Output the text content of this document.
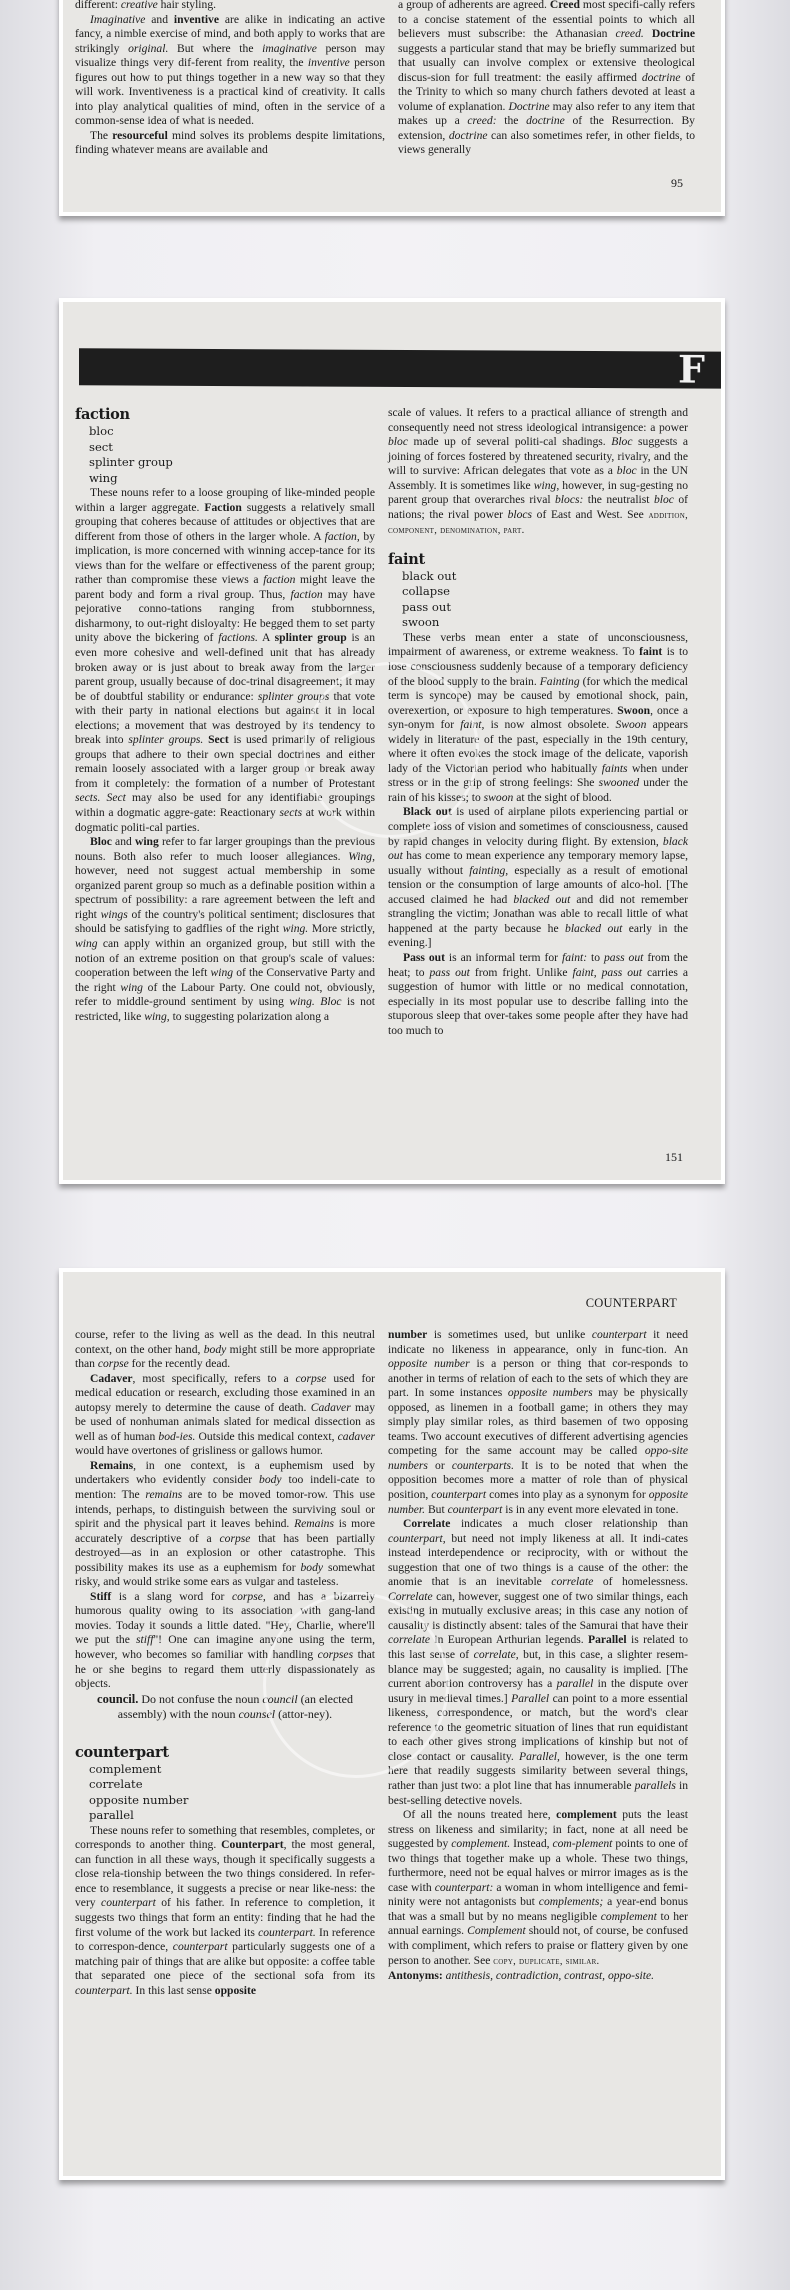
different: creative hair styling.

Imaginative and inventive are alike in indicating an active fancy, a nimble exercise of mind, and both apply to works that are strikingly original. But where the imaginative person may visualize things very dif-ferent from reality, the inventive person figures out how to put things together in a new way so that they will work. Inventiveness is a practical kind of creativity. It calls into play analytical qualities of mind, often in the service of a common-sense idea of what is needed.

The resourceful mind solves its problems despite limitations, finding whatever means are available and

a group of adherents are agreed. Creed most specifi-cally refers to a concise statement of the essential points to which all believers must subscribe: the Athanasian creed. Doctrine suggests a particular stand that may be briefly summarized but that usually can involve complex or extensive theological discus-sion for full treatment: the easily affirmed doctrine of the Trinity to which so many church fathers devoted at least a volume of explanation. Doctrine may also refer to any item that makes up a creed: the doctrine of the Resurrection. By extension, doctrine can also sometimes refer, in other fields, to views generally

95
F
faction
bloc
sect
splinter group
wing

These nouns refer to a loose grouping of like-minded people within a larger aggregate. Faction suggests a relatively small grouping that coheres because of attitudes or objectives that are different from those of others in the larger whole. A faction, by implication, is more concerned with winning accep-tance for its views than for the welfare or effectiveness of the parent group; rather than compromise these views a faction might leave the parent body and form a rival group. Thus, faction may have pejorative conno-tations ranging from stubbornness, disharmony, to out-right disloyalty: He begged them to set party unity above the bickering of factions. A splinter group is an even more cohesive and well-defined unit that has already broken away or is just about to break away from the larger parent group, usually because of doc-trinal disagreement; it may be of doubtful stability or endurance: splinter groups that vote with their party in national elections but against it in local elections; a movement that was destroyed by its tendency to break into splinter groups. Sect is used primarily of religious groups that adhere to their own special doctrines and either remain loosely associated with a larger group or break away from it completely: the formation of a number of Protestant sects. Sect may also be used for any identifiable groupings within a dogmatic aggre-gate: Reactionary sects at work within dogmatic politi-cal parties.

Bloc and wing refer to far larger groupings than the previous nouns. Both also refer to much looser allegiances. Wing, however, need not suggest actual membership in some organized parent group so much as a definable position within a spectrum of possibility: a rare agreement between the left and right wings of the country's political sentiment; disclosures that should be satisfying to gadflies of the right wing. More strictly, wing can apply within an organized group, but still with the notion of an extreme position on that group's scale of values: cooperation between the left wing of the Conservative Party and the right wing of the Labour Party. One could not, obviously, refer to middle-ground sentiment by using wing. Bloc is not restricted, like wing, to suggesting polarization along a

scale of values. It refers to a practical alliance of strength and consequently need not stress ideological intransigence: a power bloc made up of several politi-cal shadings. Bloc suggests a joining of forces fostered by threatened security, rivalry, and the will to survive: African delegates that vote as a bloc in the UN Assembly. It is sometimes like wing, however, in sug-gesting no parent group that overarches rival blocs: the neutralist bloc of nations; the rival power blocs of East and West. See addition, component, denomination, part.

faint
black out
collapse
pass out
swoon

These verbs mean enter a state of unconsciousness, impairment of awareness, or extreme weakness. To faint is to lose consciousness suddenly because of a temporary deficiency of the blood supply to the brain. Fainting (for which the medical term is syncope) may be caused by emotional shock, pain, overexertion, or exposure to high temperatures. Swoon, once a syn-onym for faint, is now almost obsolete. Swoon appears widely in literature of the past, especially in the 19th century, where it often evokes the stock image of the delicate, vaporish lady of the Victorian period who habitually faints when under stress or in the grip of strong feelings: She swooned under the rain of his kisses; to swoon at the sight of blood.

Black out is used of airplane pilots experiencing partial or complete loss of vision and sometimes of consciousness, caused by rapid changes in velocity during flight. By extension, black out has come to mean experience any temporary memory lapse, usually without fainting, especially as a result of emotional tension or the consumption of large amounts of alco-hol. [The accused claimed he had blacked out and did not remember strangling the victim; Jonathan was able to recall little of what happened at the party because he blacked out early in the evening.]

Pass out is an informal term for faint: to pass out from the heat; to pass out from fright. Unlike faint, pass out carries a suggestion of humor with little or no medical connotation, especially in its most popular use to describe falling into the stuporous sleep that over-takes some people after they have had too much to

151
COUNTERPART

course, refer to the living as well as the dead. In this neutral context, on the other hand, body might still be more appropriate than corpse for the recently dead.

Cadaver, most specifically, refers to a corpse used for medical education or research, excluding those examined in an autopsy merely to determine the cause of death. Cadaver may be used of nonhuman animals slated for medical dissection as well as of human bod-ies. Outside this medical context, cadaver would have overtones of grisliness or gallows humor.

Remains, in one context, is a euphemism used by undertakers who evidently consider body too indeli-cate to mention: The remains are to be moved tomor-row. This use intends, perhaps, to distinguish between the surviving soul or spirit and the physical part it leaves behind. Remains is more accurately descriptive of a corpse that has been partially destroyed—as in an explosion or other catastrophe. This possibility makes its use as a euphemism for body somewhat risky, and would strike some ears as vulgar and tasteless.

Stiff is a slang word for corpse, and has a bizarrely humorous quality owing to its association with gang-land movies. Today it sounds a little dated. "Hey, Charlie, where'll we put the stiff"! One can imagine anyone using the term, however, who becomes so familiar with handling corpses that he or she begins to regard them utterly dispassionately as objects.

council. Do not confuse the noun council (an elected assembly) with the noun counsel (attor-ney).

counterpart
complement
correlate
opposite number
parallel

These nouns refer to something that resembles, completes, or corresponds to another thing. Counterpart, the most general, can function in all these ways, though it specifically suggests a close rela-tionship between the two things considered. In refer-ence to resemblance, it suggests a precise or near like-ness: the very counterpart of his father. In reference to completion, it suggests two things that form an entity: finding that he had the first volume of the work but lacked its counterpart. In reference to correspon-dence, counterpart particularly suggests one of a matching pair of things that are alike but opposite: a coffee table that separated one piece of the sectional sofa from its counterpart. In this last sense opposite

number is sometimes used, but unlike counterpart it need indicate no likeness in appearance, only in func-tion. An opposite number is a person or thing that cor-responds to another in terms of relation of each to the sets of which they are part. In some instances opposite numbers may be physically opposed, as linemen in a football game; in others they may simply play similar roles, as third basemen of two opposing teams. Two account executives of different advertising agencies competing for the same account may be called oppo-site numbers or counterparts. It is to be noted that when the opposition becomes more a matter of role than of physical position, counterpart comes into play as a synonym for opposite number. But counterpart is in any event more elevated in tone.

Correlate indicates a much closer relationship than counterpart, but need not imply likeness at all. It indi-cates instead interdependence or reciprocity, with or without the suggestion that one of two things is a cause of the other: the anomie that is an inevitable correlate of homelessness. Correlate can, however, suggest one of two similar things, each existing in mutually exclusive areas; in this case any notion of causality is distinctly absent: tales of the Samurai that have their correlate in European Arthurian legends. Parallel is related to this last sense of correlate, but, in this case, a slighter resem-blance may be suggested; again, no causality is implied. [The current abortion controversy has a parallel in the dispute over usury in medieval times.] Parallel can point to a more essential likeness, correspondence, or match, but the word's clear reference to the geometric situation of lines that run equidistant to each other gives strong implications of kinship but not of close contact or causality. Parallel, however, is the one term here that readily suggests similarity between several things, rather than just two: a plot line that has innumerable parallels in best-selling detective novels.

Of all the nouns treated here, complement puts the least stress on likeness and similarity; in fact, none at all need be suggested by complement. Instead, com-plement points to one of two things that together make up a whole. These two things, furthermore, need not be equal halves or mirror images as is the case with counterpart: a woman in whom intelligence and femi-ninity were not antagonists but complements; a year-end bonus that was a small but by no means negligible complement to her annual earnings. Complement should not, of course, be confused with compliment, which refers to praise or flattery given by one person to another. See copy, duplicate, similar.

Antonyms: antithesis, contradiction, contrast, oppo-site.
